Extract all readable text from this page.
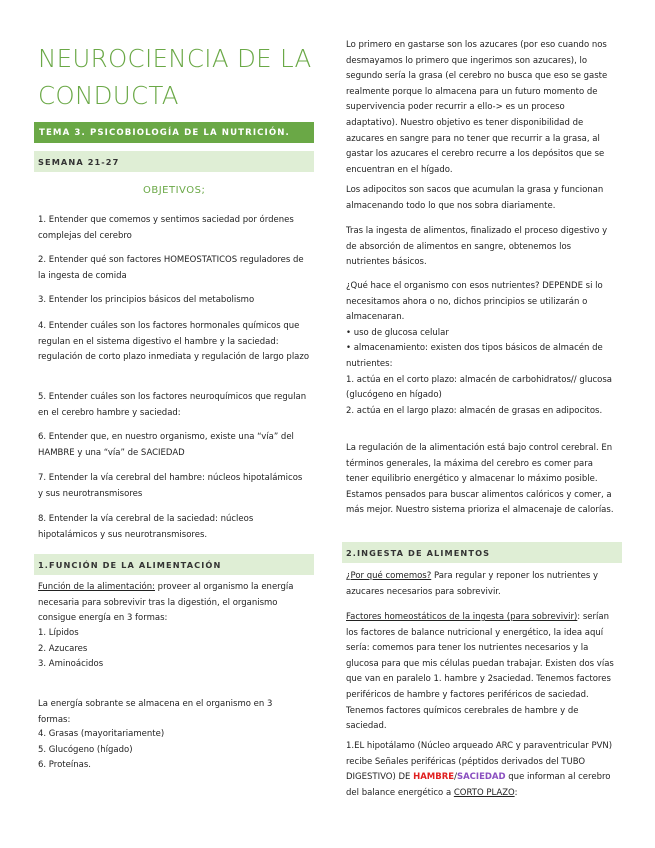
NEUROCIENCIA DE LA CONDUCTA
TEMA 3. PSICOBIOLOGÍA DE LA NUTRICIÓN.
SEMANA 21-27
OBJETIVOS;
1. Entender que comemos y sentimos saciedad por órdenes complejas del cerebro
2. Entender qué son factores HOMEOSTATICOS reguladores de la ingesta de comida
3. Entender los principios básicos del metabolismo
4. Entender cuáles son los factores hormonales químicos que regulan en el sistema digestivo el hambre y la saciedad: regulación de corto plazo inmediata y regulación de largo plazo
5. Entender cuáles son los factores neuroquímicos que regulan en el cerebro hambre y saciedad:
6. Entender que, en nuestro organismo, existe una “vía” del HAMBRE y una “vía” de SACIEDAD
7. Entender la vía cerebral del hambre: núcleos hipotalámicos y sus neurotransmisores
8. Entender la vía cerebral de la saciedad: núcleos hipotalámicos y sus neurotransmisores.
1.FUNCIÓN DE LA ALIMENTACIÓN
Función de la alimentación: proveer al organismo la energía necesaria para sobrevivir tras la digestión, el organismo consigue energía en 3 formas:
1. Lípidos
2. Azucares
3. Aminoácidos
La energía sobrante se almacena en el organismo en 3 formas:
4. Grasas (mayoritariamente)
5. Glucógeno (hígado)
6. Proteínas.
Lo primero en gastarse son los azucares (por eso cuando nos desmayamos lo primero que ingerimos son azucares), lo segundo sería la grasa (el cerebro no busca que eso se gaste realmente porque lo almacena para un futuro momento de supervivencia poder recurrir a ello-> es un proceso adaptativo). Nuestro objetivo es tener disponibilidad de azucares en sangre para no tener que recurrir a la grasa, al gastar los azucares el cerebro recurre a los depósitos que se encuentran en el hígado.
Los adipocitos son sacos que acumulan la grasa y funcionan almacenando todo lo que nos sobra diariamente.
Tras la ingesta de alimentos, finalizado el proceso digestivo y de absorción de alimentos en sangre, obtenemos los nutrientes básicos.
¿Qué hace el organismo con esos nutrientes? DEPENDE si lo necesitamos ahora o no, dichos principios se utilizarán o almacenaran.
• uso de glucosa celular
• almacenamiento: existen dos tipos básicos de almacén de nutrientes:
1. actúa en el corto plazo: almacén de carbohidratos// glucosa (glucógeno en hígado)
2. actúa en el largo plazo: almacén de grasas en adipocitos.
La regulación de la alimentación está bajo control cerebral. En términos generales, la máxima del cerebro es comer para tener equilibrio energético y almacenar lo máximo posible. Estamos pensados para buscar alimentos calóricos y comer, a más mejor. Nuestro sistema prioriza el almacenaje de calorías.
2.INGESTA DE ALIMENTOS
¿Por qué comemos? Para regular y reponer los nutrientes y azucares necesarios para sobrevivir.
Factores homeostáticos de la ingesta (para sobrevivir): serían los factores de balance nutricional y energético, la idea aquí sería: comemos para tener los nutrientes necesarios y la glucosa para que mis células puedan trabajar. Existen dos vías que van en paralelo 1. hambre y 2saciedad. Tenemos factores periféricos de hambre y factores periféricos de saciedad. Tenemos factores químicos cerebrales de hambre y de saciedad.
1.EL hipotálamo (Núcleo arqueado ARC y paraventricular PVN) recibe Señales periféricas (péptidos derivados del TUBO DIGESTIVO) DE HAMBRE/SACIEDAD que informan al cerebro del balance energético a CORTO PLAZO:
